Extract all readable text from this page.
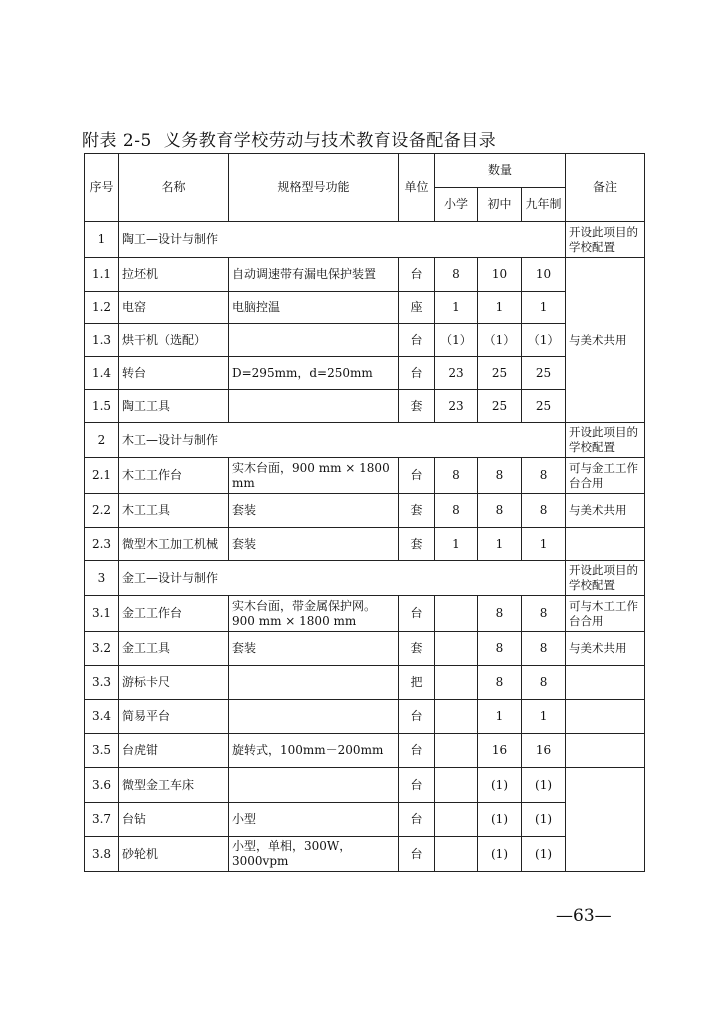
附表 2-5 义务教育学校劳动与技术教育设备配备目录
序号	名称	规格型号功能	单位	数量			备注
				小学	初中	九年制	
1	陶工—设计与制作						开设此项目的学校配置
1.1	拉坯机	自动调速带有漏电保护装置	台	8	10	10	与美术共用
1.2	电窑	电脑控温	座	1	1	1	
1.3	烘干机（选配）		台	（1）	（1）	（1）	
1.4	转台	D=295mm，d=250mm	台	23	25	25	
1.5	陶工工具		套	23	25	25	
2	木工—设计与制作						开设此项目的学校配置
2.1	木工工作台	实木台面，900 mm × 1800 mm	台	8	8	8	可与金工工作台合用
2.2	木工工具	套装	套	8	8	8	与美术共用
2.3	微型木工加工机械	套装	套	1	1	1	
3	金工—设计与制作						开设此项目的学校配置
3.1	金工工作台	实木台面，带金属保护网。900 mm × 1800 mm	台		8	8	可与木工工作台合用
3.2	金工工具	套装	套		8	8	与美术共用
3.3	游标卡尺		把		8	8	
3.4	简易平台		台		1	1	
3.5	台虎钳	旋转式，100mm－200mm	台		16	16	
3.6	微型金工车床		台		(1)	(1)	
3.7	台钻	小型	台		(1)	(1)	
3.8	砂轮机	小型，单相，300W，3000vpm	台		(1)	(1)	
—63—
